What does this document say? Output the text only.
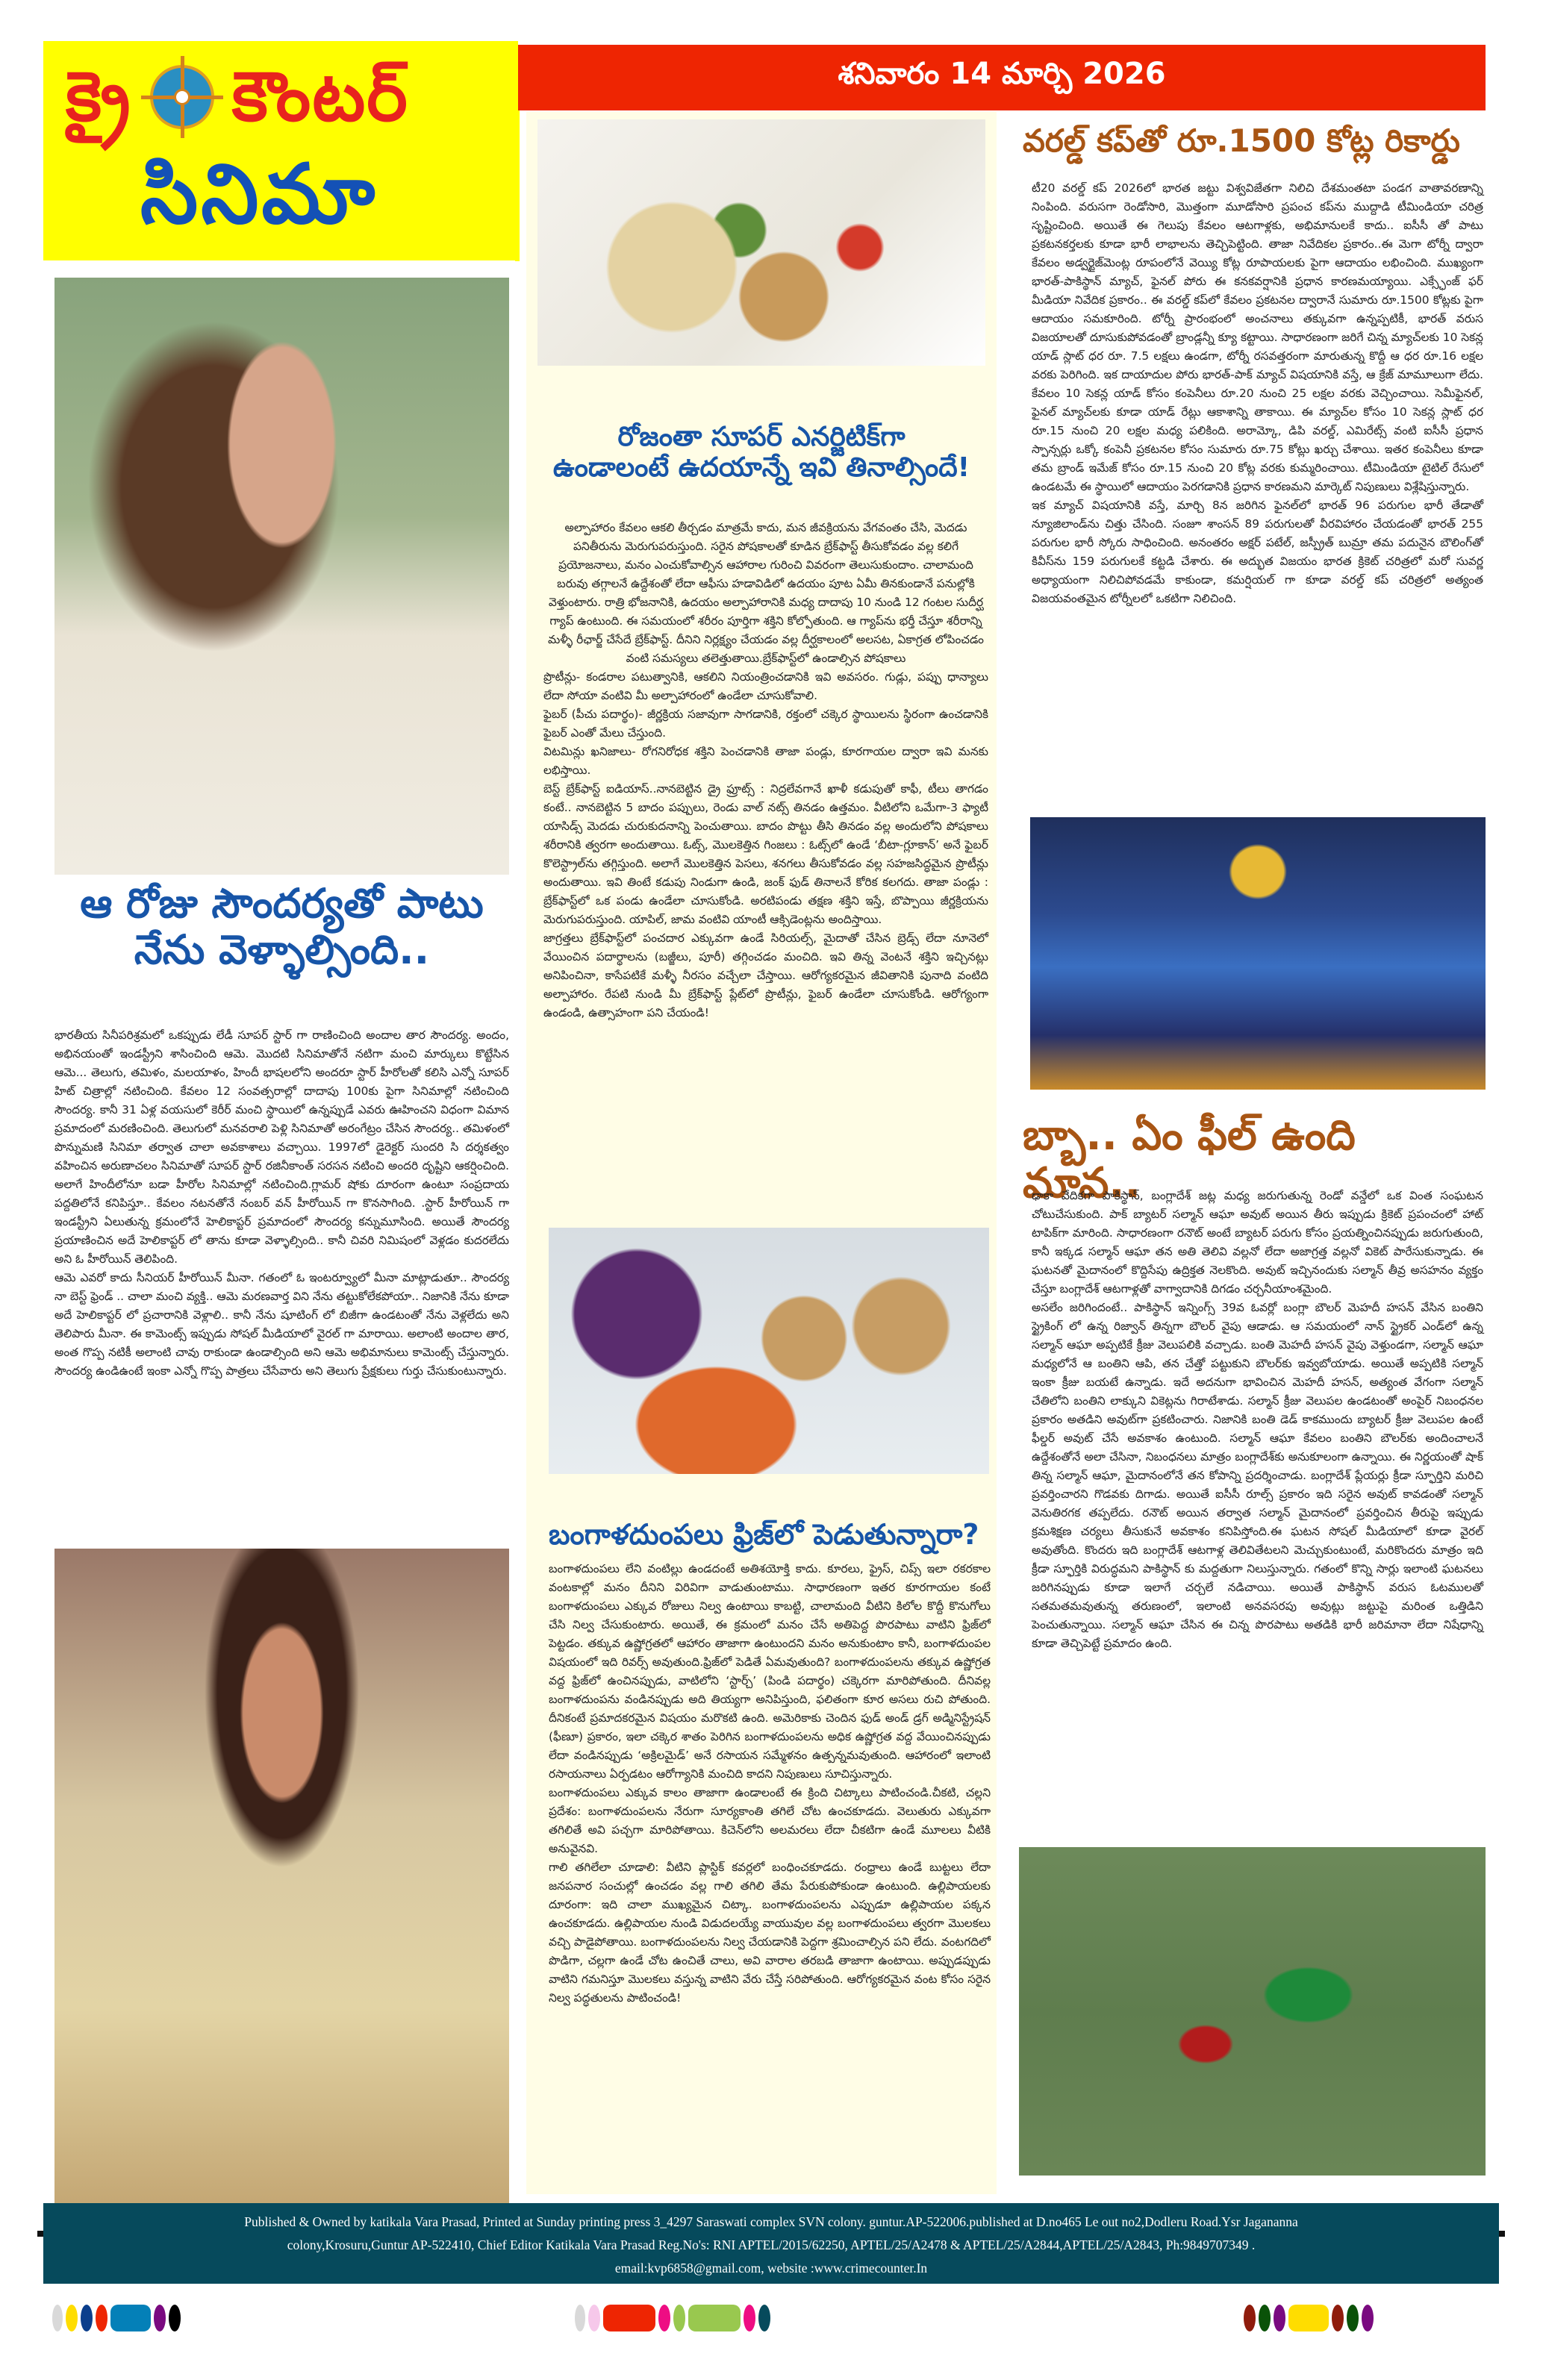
క్రై కౌంటర్
సినిమా
శనివారం 14 మార్చి 2026
ఆ రోజు సౌందర్యతో పాటు
నేను వెళ్ళాల్సింది..

భారతీయ సినీపరిశ్రమలో ఒకప్పుడు లేడీ సూపర్ స్టార్ గా రాణించింది అందాల తార సౌందర్య. అందం, అభినయంతో ఇండస్ట్రీని శాసించింది ఆమె. మొదటి సినిమాతోనే నటిగా మంచి మార్కులు కొట్టేసిన ఆమె... తెలుగు, తమిళం, మలయాళం, హిందీ భాషలలోని అందరూ స్టార్ హీరోలతో కలిసి ఎన్నో సూపర్ హిట్ చిత్రాల్లో నటించింది. కేవలం 12 సంవత్సరాల్లో దాదాపు 100కు పైగా సినిమాల్లో నటించింది సౌందర్య. కానీ 31 ఏళ్ల వయసులో కెరీర్ మంచి స్థాయిలో ఉన్నప్పుడే ఎవరు ఊహించని విధంగా విమాన ప్రమాదంలో మరణించింది. తెలుగులో మనవరాలి పెళ్లి సినిమాతో అరంగేట్రం చేసిన సౌందర్య.. తమిళంలో పొన్నుమణి సినిమా తర్వాత చాలా అవకాశాలు వచ్చాయి. 1997లో డైరెక్టర్ సుందరి సి దర్శకత్వం వహించిన అరుణాచలం సినిమాతో సూపర్ స్టార్ రజినీకాంత్ సరసన నటించి అందరి దృష్టిని ఆకర్షించింది. అలాగే హిందీలోనూ బడా హీరోల సినిమాల్లో నటించింది.గ్లామర్ షోకు దూరంగా ఉంటూ సంప్రదాయ పద్దతిలోనే కనిపిస్తూ.. కేవలం నటనతోనే నంబర్ వన్ హీరోయిన్ గా కొనసాగింది. .స్టార్ హీరోయిన్ గా ఇండస్ట్రీని ఏలుతున్న క్రమంలోనే హెలికాప్టర్ ప్రమాదంలో సౌందర్య కన్నుమూసింది. అయితే సౌందర్య ప్రయాణించిన అదే హెలికాప్టర్ లో తాను కూడా వెళ్ళాల్సింది.. కానీ చివరి నిమిషంలో వెళ్లడం కుదరలేదు అని ఓ హీరోయిన్ తెలిపింది.

ఆమె ఎవరో కాదు సీనియర్ హీరోయిన్ మీనా. గతంలో ఓ ఇంటర్వ్యూలో మీనా మాట్లాడుతూ.. సౌందర్య నా బెస్ట్ ఫ్రెండ్ .. చాలా మంచి వ్యక్తి.. ఆమె మరణవార్త విని నేను తట్టుకోలేకపోయా.. నిజానికి నేను కూడా అదే హెలికాప్టర్ లో ప్రచారానికి వెళ్లాలి.. కానీ నేను షూటింగ్ లో బిజీగా ఉండటంతో నేను వెళ్లలేదు అని తెలిపారు మీనా. ఈ కామెంట్స్ ఇప్పుడు సోషల్ మీడియాలో వైరల్ గా మారాయి. అలాంటి అందాల తార, అంత గొప్ప నటికీ అలాంటి చావు రాకుండా ఉండాల్సింది అని ఆమె అభిమానులు కామెంట్స్ చేస్తున్నారు. సౌందర్య ఉండిఉంటే ఇంకా ఎన్నో గొప్ప పాత్రలు చేసేవారు అని తెలుగు ప్రేక్షకులు గుర్తు చేసుకుంటున్నారు.

రోజంతా సూపర్ ఎనర్జిటిక్‌గా
ఉండాలంటే ఉదయాన్నే ఇవి తినాల్సిందే!

అల్పాహారం కేవలం ఆకలి తీర్చడం మాత్రమే కాదు, మన జీవక్రియను వేగవంతం చేసి, మెదడు పనితీరును మెరుగుపరుస్తుంది. సరైన పోషకాలతో కూడిన బ్రేక్‌ఫాస్ట్ తీసుకోవడం వల్ల కలిగే ప్రయోజనాలు, మనం ఎంచుకోవాల్సిన ఆహారాల గురించి వివరంగా తెలుసుకుందాం. చాలామంది బరువు తగ్గాలనే ఉద్దేశంతో లేదా ఆఫీసు హడావిడిలో ఉదయం పూట ఏమీ తినకుండానే పనుల్లోకి వెళ్తుంటారు. రాత్రి భోజనానికి, ఉదయం అల్పాహారానికి మధ్య దాదాపు 10 నుండి 12 గంటల సుదీర్ఘ గ్యాప్ ఉంటుంది. ఈ సమయంలో శరీరం పూర్తిగా శక్తిని కోల్పోతుంది. ఆ గ్యాప్‌ను భర్తీ చేస్తూ శరీరాన్ని మళ్ళీ రీఛార్జ్ చేసేదే బ్రేక్‌ఫాస్ట్. దీనిని నిర్లక్ష్యం చేయడం వల్ల దీర్ఘకాలంలో అలసట, ఏకాగ్రత లోపించడం వంటి సమస్యలు తలెత్తుతాయి.బ్రేక్‌ఫాస్ట్‌లో ఉండాల్సిన పోషకాలు

ప్రొటీన్లు- కండరాల పటుత్వానికి, ఆకలిని నియంత్రించడానికి ఇవి అవసరం. గుడ్లు, పప్పు ధాన్యాలు లేదా సోయా వంటివి మీ అల్పాహారంలో ఉండేలా చూసుకోవాలి.

ఫైబర్ (పీచు పదార్థం)- జీర్ణక్రియ సజావుగా సాగడానికి, రక్తంలో చక్కెర స్థాయిలను స్థిరంగా ఉంచడానికి ఫైబర్ ఎంతో మేలు చేస్తుంది.

విటమిన్లు ఖనిజాలు- రోగనిరోధక శక్తిని పెంచడానికి తాజా పండ్లు, కూరగాయల ద్వారా ఇవి మనకు లభిస్తాయి.

బెస్ట్ బ్రేక్‌ఫాస్ట్ ఐడియాస్..నానబెట్టిన డ్రై ఫ్రూట్స్ : నిద్రలేవగానే ఖాళీ కడుపుతో కాఫీ, టీలు తాగడం కంటే.. నానబెట్టిన 5 బాదం పప్పులు, రెండు వాల్ నట్స్ తినడం ఉత్తమం. వీటిలోని ఒమేగా-3 ఫ్యాటీ యాసిడ్స్ మెదడు చురుకుదనాన్ని పెంచుతాయి. బాదం పొట్టు తీసి తినడం వల్ల అందులోని పోషకాలు శరీరానికి త్వరగా అందుతాయి. ఓట్స్, మొలకెత్తిన గింజలు : ఓట్స్‌లో ఉండే ‘బీటా-గ్లూకాన్’ అనే ఫైబర్ కొలెస్ట్రాల్‌ను తగ్గిస్తుంది. అలాగే మొలకెత్తిన పెసలు, శనగలు తీసుకోవడం వల్ల సహజసిద్ధమైన ప్రొటీన్లు అందుతాయి. ఇవి తింటే కడుపు నిండుగా ఉండి, జంక్ ఫుడ్ తినాలనే కోరిక కలగదు. తాజా పండ్లు : బ్రేక్‌ఫాస్ట్‌లో ఒక పండు ఉండేలా చూసుకోండి. అరటిపండు తక్షణ శక్తిని ఇస్తే, బొప్పాయి జీర్ణక్రియను మెరుగుపరుస్తుంది. యాపిల్, జామ వంటివి యాంటీ ఆక్సిడెంట్లను అందిస్తాయి.

జాగ్రత్తలు బ్రేక్‌ఫాస్ట్‌లో పంచదార ఎక్కువగా ఉండే సిరియల్స్, మైదాతో చేసిన బ్రెడ్స్ లేదా నూనెలో వేయించిన పదార్థాలను (బజ్జీలు, పూరీ) తగ్గించడం మంచిది. ఇవి తిన్న వెంటనే శక్తిని ఇచ్చినట్లు అనిపించినా, కాసేపటికే మళ్ళీ నీరసం వచ్చేలా చేస్తాయి. ఆరోగ్యకరమైన జీవితానికి పునాది వంటిది అల్పాహారం. రేపటి నుండి మీ బ్రేక్‌ఫాస్ట్ ప్లేట్‌లో ప్రొటీన్లు, ఫైబర్ ఉండేలా చూసుకోండి. ఆరోగ్యంగా ఉండండి, ఉత్సాహంగా పని చేయండి!

బంగాళదుంపలు ఫ్రిజ్‌లో పెడుతున్నారా?

బంగాళదుంపలు లేని వంటిల్లు ఉండదంటే అతిశయోక్తి కాదు. కూరలు, ఫ్రైస్, చిప్స్ ఇలా రకరకాల వంటకాల్లో మనం దీనిని విరివిగా వాడుతుంటాము. సాధారణంగా ఇతర కూరగాయల కంటే బంగాళదుంపలు ఎక్కువ రోజులు నిల్వ ఉంటాయి కాబట్టి, చాలామంది వీటిని కిలోల కొద్దీ కొనుగోలు చేసి నిల్వ చేసుకుంటారు. అయితే, ఈ క్రమంలో మనం చేసే అతిపెద్ద పొరపాటు వాటిని ఫ్రిజ్‌లో పెట్టడం. తక్కువ ఉష్ణోగ్రతలో ఆహారం తాజాగా ఉంటుందని మనం అనుకుంటాం కానీ, బంగాళదుంపల విషయంలో ఇది రివర్స్ అవుతుంది.ఫ్రిజ్‌లో పెడితే ఏమవుతుంది? బంగాళదుంపలను తక్కువ ఉష్ణోగ్రత వద్ద ఫ్రిజ్‌లో ఉంచినప్పుడు, వాటిలోని ‘స్టార్చ్’ (పిండి పదార్థం) చక్కెరగా మారిపోతుంది. దీనివల్ల బంగాళదుంపను వండినప్పుడు అది తియ్యగా అనిపిస్తుంది, ఫలితంగా కూర అసలు రుచి పోతుంది. దీనికంటే ప్రమాదకరమైన విషయం మరొకటి ఉంది. అమెరికాకు చెందిన ఫుడ్ అండ్ డ్రగ్ అడ్మినిస్ట్రేషన్ (ఫీణూ) ప్రకారం, ఇలా చక్కెర శాతం పెరిగిన బంగాళదుంపలను అధిక ఉష్ణోగ్రత వద్ద వేయించినప్పుడు లేదా వండినప్పుడు ‘అక్రిలమైడ్’ అనే రసాయన సమ్మేళనం ఉత్పన్నమవుతుంది. ఆహారంలో ఇలాంటి రసాయనాలు ఏర్పడటం ఆరోగ్యానికి మంచిది కాదని నిపుణులు సూచిస్తున్నారు.

బంగాళదుంపలు ఎక్కువ కాలం తాజాగా ఉండాలంటే ఈ క్రింది చిట్కాలు పాటించండి.చీకటి, చల్లని ప్రదేశం: బంగాళదుంపలను నేరుగా సూర్యకాంతి తగిలే చోట ఉంచకూడదు. వెలుతురు ఎక్కువగా తగిలితే అవి పచ్చగా మారిపోతాయి. కిచెన్‌లోని అలమరలు లేదా చీకటిగా ఉండే మూలలు వీటికి అనువైనవి.

గాలి తగిలేలా చూడాలి: వీటిని ప్లాస్టిక్ కవర్లలో బంధించకూడదు. రంధ్రాలు ఉండే బుట్టలు లేదా జనపనార సంచుల్లో ఉంచడం వల్ల గాలి తగిలి తేమ పేరుకుపోకుండా ఉంటుంది. ఉల్లిపాయలకు దూరంగా: ఇది చాలా ముఖ్యమైన చిట్కా. బంగాళదుంపలను ఎప్పుడూ ఉల్లిపాయల పక్కన ఉంచకూడదు. ఉల్లిపాయల నుండి విడుదలయ్యే వాయువుల వల్ల బంగాళదుంపలు త్వరగా మొలకలు వచ్చి పాడైపోతాయి. బంగాళదుంపలను నిల్వ చేయడానికి పెద్దగా శ్రమించాల్సిన పని లేదు. వంటగదిలో పొడిగా, చల్లగా ఉండే చోట ఉంచితే చాలు, అవి వారాల తరబడి తాజాగా ఉంటాయి. అప్పుడప్పుడు వాటిని గమనిస్తూ మొలకలు వస్తున్న వాటిని వేరు చేస్తే సరిపోతుంది. ఆరోగ్యకరమైన వంట కోసం సరైన నిల్వ పద్ధతులను పాటించండి!

వరల్డ్ కప్‌తో రూ.1500 కోట్ల రికార్డు

టీ20 వరల్డ్ కప్ 2026లో భారత జట్టు విశ్వవిజేతగా నిలిచి దేశమంతటా పండగ వాతావరణాన్ని నింపింది. వరుసగా రెండోసారి, మొత్తంగా మూడోసారి ప్రపంచ కప్‌ను ముద్దాడి టీమిండియా చరిత్ర సృష్టించింది. అయితే ఈ గెలుపు కేవలం ఆటగాళ్లకు, అభిమానులకే కాదు.. ఐసీసీ తో పాటు ప్రకటనకర్తలకు కూడా భారీ లాభాలను తెచ్చిపెట్టింది. తాజా నివేదికల ప్రకారం..ఈ మెగా టోర్నీ ద్వారా కేవలం అడ్వర్టైజ్‌మెంట్ల రూపంలోనే వెయ్యి కోట్ల రూపాయలకు పైగా ఆదాయం లభించింది. ముఖ్యంగా భారత్-పాకిస్థాన్ మ్యాచ్, ఫైనల్ పోరు ఈ కనకవర్షానికి ప్రధాన కారణమయ్యాయి. ఎక్స్ఛేంజ్ ఫర్ మీడియా నివేదిక ప్రకారం.. ఈ వరల్డ్ కప్‌లో కేవలం ప్రకటనల ద్వారానే సుమారు రూ.1500 కోట్లకు పైగా ఆదాయం సమకూరింది. టోర్నీ ప్రారంభంలో అంచనాలు తక్కువగా ఉన్నప్పటికీ, భారత్ వరుస విజయాలతో దూసుకుపోవడంతో బ్రాండ్లన్నీ క్యూ కట్టాయి. సాధారణంగా జరిగే చిన్న మ్యాచ్‌లకు 10 సెకన్ల యాడ్ స్లాట్ ధర రూ. 7.5 లక్షలు ఉండగా, టోర్నీ రసవత్తరంగా మారుతున్న కొద్దీ ఆ ధర రూ.16 లక్షల వరకు పెరిగింది. ఇక దాయాదుల పోరు భారత్-పాక్ మ్యాచ్ విషయానికి వస్తే, ఆ క్రేజ్ మామూలుగా లేదు. కేవలం 10 సెకన్ల యాడ్ కోసం కంపెనీలు రూ.20 నుంచి 25 లక్షల వరకు వెచ్చించాయి. సెమీఫైనల్, ఫైనల్ మ్యాచ్‌లకు కూడా యాడ్ రేట్లు ఆకాశాన్ని తాకాయి. ఈ మ్యాచ్‌ల కోసం 10 సెకన్ల స్లాట్ ధర రూ.15 నుంచి 20 లక్షల మధ్య పలికింది. అరామ్కో, డిపి వరల్డ్, ఎమిరేట్స్ వంటి ఐసీసీ ప్రధాన స్పాన్సర్లు ఒక్కో కంపెనీ ప్రకటనల కోసం సుమారు రూ.75 కోట్లు ఖర్చు చేశాయి. ఇతర కంపెనీలు కూడా తమ బ్రాండ్ ఇమేజ్ కోసం రూ.15 నుంచి 20 కోట్ల వరకు కుమ్మరించాయి. టీమిండియా టైటిల్ రేసులో ఉండటమే ఈ స్థాయిలో ఆదాయం పెరగడానికి ప్రధాన కారణమని మార్కెట్ నిపుణులు విశ్లేషిస్తున్నారు.

ఇక మ్యాచ్ విషయానికి వస్తే, మార్చి 8న జరిగిన ఫైనల్‌లో భారత్ 96 పరుగుల భారీ తేడాతో న్యూజిలాండ్‌ను చిత్తు చేసింది. సంజూ శాంసన్ 89 పరుగులతో వీరవిహారం చేయడంతో భారత్ 255 పరుగుల భారీ స్కోరు సాధించింది. అనంతరం అక్షర్ పటేల్, జస్ప్రీత్ బుమ్రా తమ పదునైన బౌలింగ్‌తో కివీస్‌ను 159 పరుగులకే కట్టడి చేశారు. ఈ అద్భుత విజయం భారత క్రికెట్ చరిత్రలో మరో సువర్ణ అధ్యాయంగా నిలిచిపోవడమే కాకుండా, కమర్షియల్ గా కూడా వరల్డ్ కప్ చరిత్రలో అత్యంత విజయవంతమైన టోర్నీలలో ఒకటిగా నిలిచింది.

బ్బా.. ఏం ఫీల్ ఉంది మావ..

ఢాకా వేదికగా పాకిస్థాన్, బంగ్లాదేశ్ జట్ల మధ్య జరుగుతున్న రెండో వన్డేలో ఒక వింత సంఘటన చోటుచేసుకుంది. పాక్ బ్యాటర్ సల్మాన్ ఆఘా అవుట్ అయిన తీరు ఇప్పుడు క్రికెట్ ప్రపంచంలో హాట్ టాపిక్‌గా మారింది. సాధారణంగా రనౌట్ అంటే బ్యాటర్ పరుగు కోసం ప్రయత్నించినప్పుడు జరుగుతుంది, కానీ ఇక్కడ సల్మాన్ ఆఘా తన అతి తెలివి వల్లనో లేదా అజాగ్రత్త వల్లనో వికెట్ పారేసుకున్నాడు. ఈ ఘటనతో మైదానంలో కొద్దిసేపు ఉద్రిక్తత నెలకొంది. అవుట్ ఇచ్చినందుకు సల్మాన్ తీవ్ర అసహనం వ్యక్తం చేస్తూ బంగ్లాదేశ్ ఆటగాళ్లతో వాగ్వాదానికి దిగడం చర్చనీయాంశమైంది.

అసలేం జరిగిందంటే.. పాకిస్థాన్ ఇన్నింగ్స్ 39వ ఓవర్లో బంగ్లా బౌలర్ మెహదీ హసన్ వేసిన బంతిని స్ట్రైకింగ్ లో ఉన్న రిజ్వాన్ తిన్నగా బౌలర్ వైపు ఆడాడు. ఆ సమయంలో నాన్ స్ట్రైకర్ ఎండ్‌లో ఉన్న సల్మాన్ ఆఘా అప్పటికే క్రీజు వెలుపలికి వచ్చాడు. బంతి మెహదీ హసన్ వైపు వెళ్తుండగా, సల్మాన్ ఆఘా మధ్యలోనే ఆ బంతిని ఆపి, తన చేత్తో పట్టుకుని బౌలర్‌కు ఇవ్వబోయాడు. అయితే అప్పటికి సల్మాన్ ఇంకా క్రీజు బయటే ఉన్నాడు. ఇదే అదనుగా భావించిన మెహదీ హసన్, అత్యంత వేగంగా సల్మాన్ చేతిలోని బంతిని లాక్కుని వికెట్లను గిరాటేశాడు. సల్మాన్ క్రీజు వెలుపల ఉండటంతో అంపైర్ నిబంధనల ప్రకారం అతడిని అవుట్‌గా ప్రకటించారు. నిజానికి బంతి డెడ్ కాకముందు బ్యాటర్ క్రీజు వెలుపల ఉంటే ఫీల్డర్ అవుట్ చేసే అవకాశం ఉంటుంది. సల్మాన్ ఆఘా కేవలం బంతిని బౌలర్‌కు అందించాలనే ఉద్దేశంతోనే అలా చేసినా, నిబంధనలు మాత్రం బంగ్లాదేశ్‌కు అనుకూలంగా ఉన్నాయి. ఈ నిర్ణయంతో షాక్ తిన్న సల్మాన్ ఆఘా, మైదానంలోనే తన కోపాన్ని ప్రదర్శించాడు. బంగ్లాదేశ్ ప్లేయర్లు క్రీడా స్ఫూర్తిని మరిచి ప్రవర్తించారని గొడవకు దిగాడు. అయితే ఐసీసీ రూల్స్ ప్రకారం ఇది సరైన అవుట్ కావడంతో సల్మాన్ వెనుతిరగక తప్పలేదు. రనౌట్ అయిన తర్వాత సల్మాన్ మైదానంలో ప్రవర్తించిన తీరుపై ఇప్పుడు క్రమశిక్షణ చర్యలు తీసుకునే అవకాశం కనిపిస్తోంది.ఈ ఘటన సోషల్ మీడియాలో కూడా వైరల్ అవుతోంది. కొందరు ఇది బంగ్లాదేశ్ ఆటగాళ్ల తెలివితేటలని మెచ్చుకుంటుంటే, మరికొందరు మాత్రం ఇది క్రీడా స్ఫూర్తికి విరుద్ధమని పాకిస్థాన్ కు మద్దతుగా నిలుస్తున్నారు. గతంలో కొన్ని సార్లు ఇలాంటి ఘటనలు జరిగినప్పుడు కూడా ఇలాగే చర్చలే నడిచాయి. అయితే పాకిస్థాన్ వరుస ఓటములతో సతమతమవుతున్న తరుణంలో, ఇలాంటి అనవసరపు అవుట్లు జట్టుపై మరింత ఒత్తిడిని పెంచుతున్నాయి. సల్మాన్ ఆఘా చేసిన ఈ చిన్న పొరపాటు అతడికి భారీ జరిమానా లేదా నిషేధాన్ని కూడా తెచ్చిపెట్టే ప్రమాదం ఉంది.

Published & Owned by katikala Vara Prasad, Printed at Sunday printing press 3_4297 Saraswati complex SVN colony. guntur.AP-522006.published at D.no465 Le out no2,Dodleru Road.Ysr Jagananna
colony,Krosuru,Guntur AP-522410, Chief Editor Katikala Vara Prasad Reg.No's: RNI APTEL/2015/62250, APTEL/25/A2478 & APTEL/25/A2844,APTEL/25/A2843, Ph:9849707349 .
email:kvp6858@gmail.com, website :www.crimecounter.In
